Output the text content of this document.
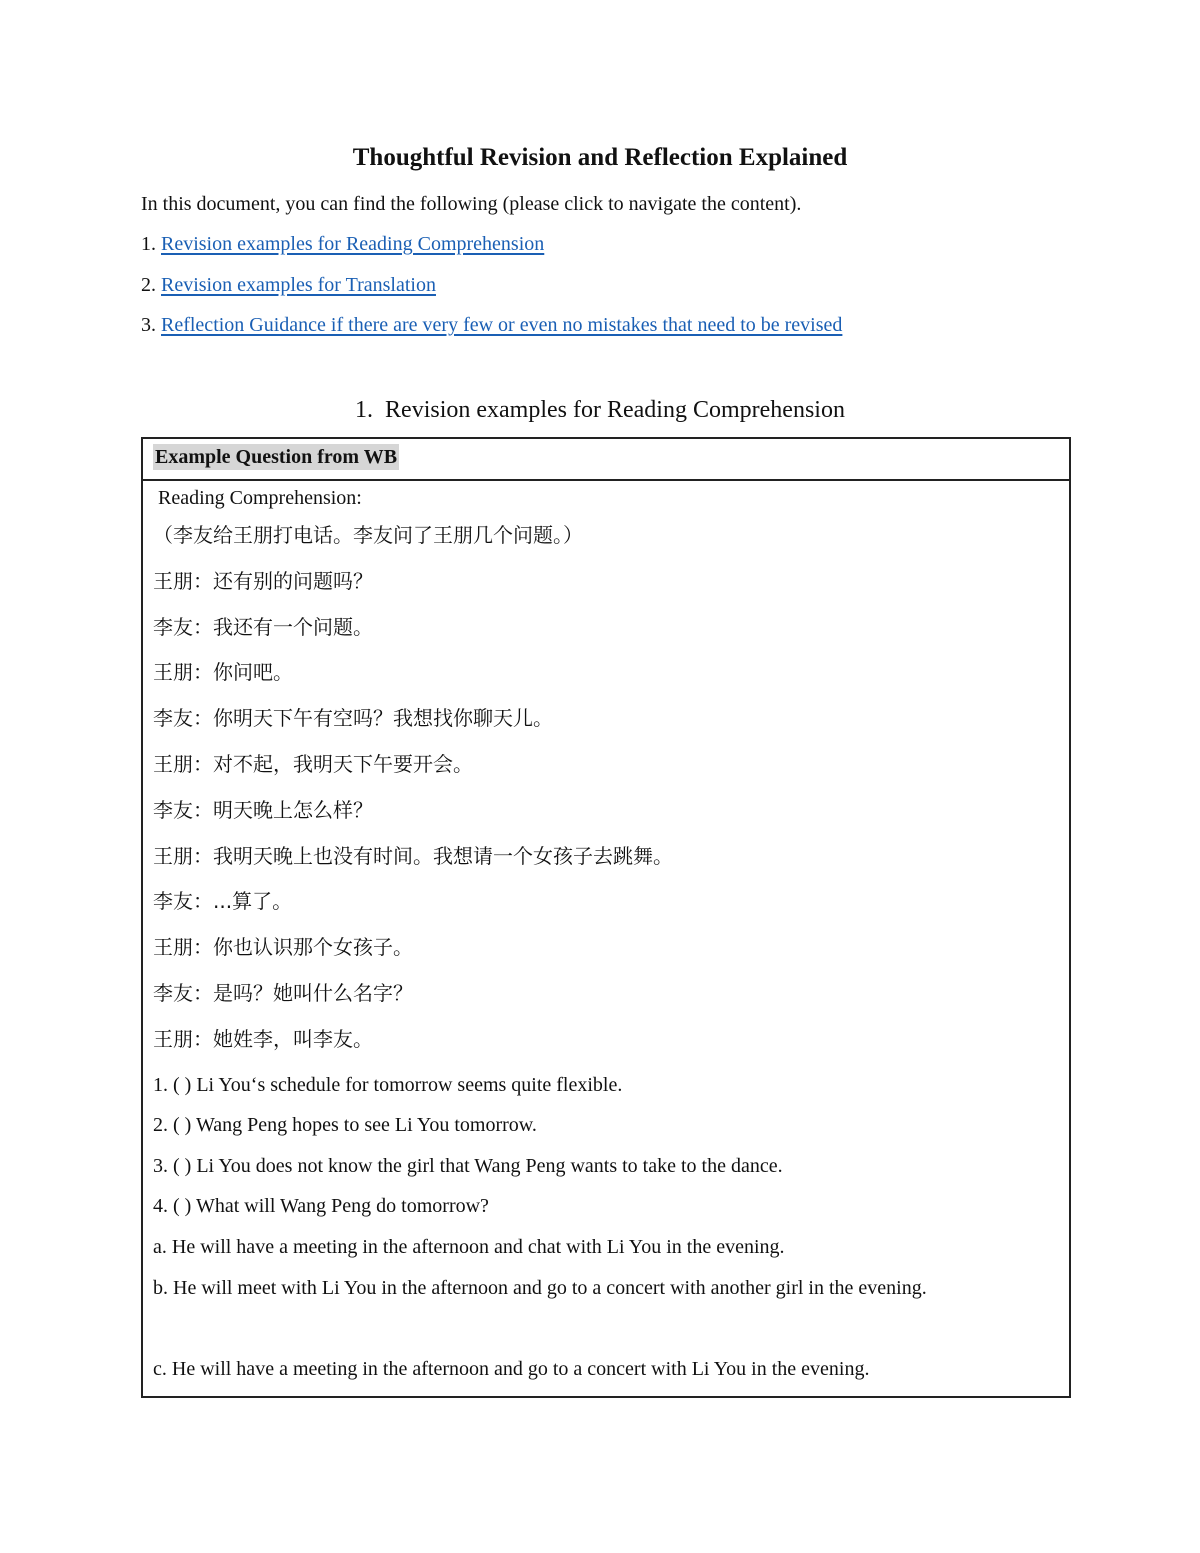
Thoughtful Revision and Reflection Explained
In this document, you can find the following (please click to navigate the content).
1. Revision examples for Reading Comprehension
2. Revision examples for Translation
3. Reflection Guidance if there are very few or even no mistakes that need to be revised
1. Revision examples for Reading Comprehension
Example Question from WB
Reading Comprehension:
（李友给王朋打电话。李友问了王朋几个问题。）
王朋：还有别的问题吗？
李友：我还有一个问题。
王朋：你问吧。
李友：你明天下午有空吗？我想找你聊天儿。
王朋：对不起，我明天下午要开会。
李友：明天晚上怎么样？
王朋：我明天晚上也没有时间。我想请一个女孩子去跳舞。
李友：...算了。
王朋：你也认识那个女孩子。
李友：是吗？她叫什么名字？
王朋：她姓李，叫李友。
1. ( ) Li You‘s schedule for tomorrow seems quite flexible.
2. ( ) Wang Peng hopes to see Li You tomorrow.
3. ( ) Li You does not know the girl that Wang Peng wants to take to the dance.
4. ( ) What will Wang Peng do tomorrow?
a. He will have a meeting in the afternoon and chat with Li You in the evening.
b. He will meet with Li You in the afternoon and go to a concert with another girl in the evening.
c. He will have a meeting in the afternoon and go to a concert with Li You in the evening.
